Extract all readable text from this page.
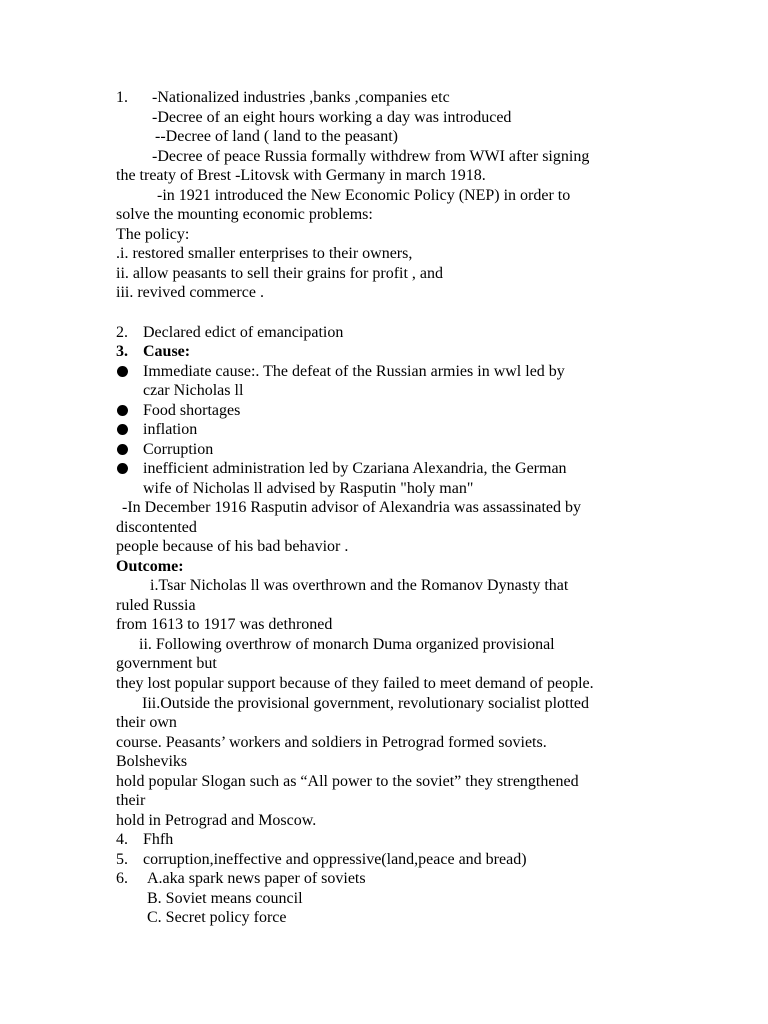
1. -Nationalized industries ,banks ,companies etc
-Decree of an eight hours working a day was introduced
--Decree of land ( land to the peasant)
-Decree of peace Russia formally withdrew from WWI after signing
the treaty of Brest -Litovsk with Germany in march 1918.
-in 1921 introduced the New Economic Policy (NEP) in order to
solve the mounting economic problems:
The policy:
.i. restored smaller enterprises to their owners,
ii. allow peasants to sell their grains for profit , and
iii. revived commerce .
2. Declared edict of emancipation
3. Cause:
Immediate cause:. The defeat of the Russian armies in wwl led by
czar Nicholas ll
Food shortages
inflation
Corruption
inefficient administration led by Czariana Alexandria, the German
wife of Nicholas ll advised by Rasputin "holy man"
-In December 1916 Rasputin advisor of Alexandria was assassinated by
discontented
people because of his bad behavior .
Outcome:
i.Tsar Nicholas ll was overthrown and the Romanov Dynasty that
ruled Russia
from 1613 to 1917 was dethroned
ii. Following overthrow of monarch Duma organized provisional
government but
they lost popular support because of they failed to meet demand of people.
Iii.Outside the provisional government, revolutionary socialist plotted
their own
course. Peasants’ workers and soldiers in Petrograd formed soviets.
Bolsheviks
hold popular Slogan such as “All power to the soviet” they strengthened
their
hold in Petrograd and Moscow.
4. Fhfh
5. corruption,ineffective and oppressive(land,peace and bread)
6. A.aka spark news paper of soviets
B. Soviet means council
C. Secret policy force
